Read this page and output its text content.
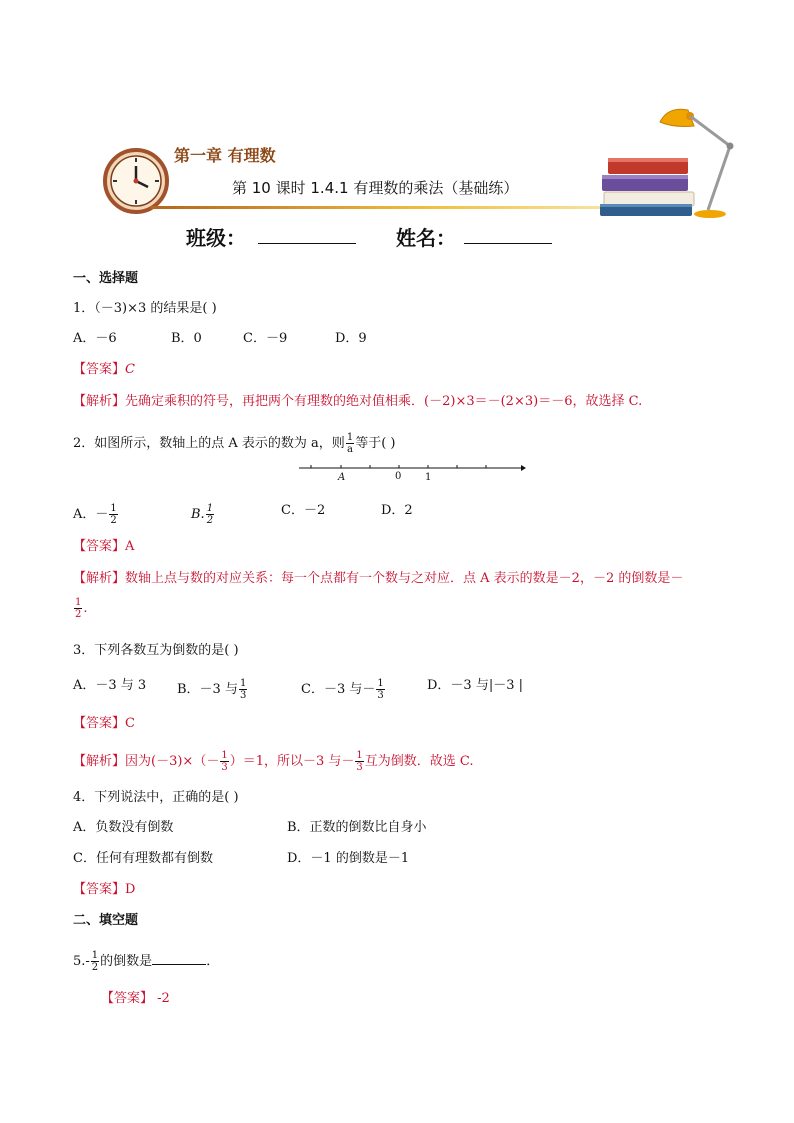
第一章 有理数
第 10 课时 1.4.1 有理数的乘法（基础练）
班级：	姓名：
一、选择题
1．（－3)×3 的结果是( )
A．－6	B．0	C．－9	D．9
【答案】C
【解析】先确定乘积的符号，再把两个有理数的绝对值相乘．(－2)×3＝－(2×3)＝－6，故选择 C.
2．如图所示，数轴上的点 A 表示的数为 a，则 $\frac{1}{a}$ 等于( )
A	0 1
A．－ $\frac{1}{2}$	B. $\frac{1}{2}$	C．－2	D．2
【答案】A
【解析】数轴上点与数的对应关系：每一个点都有一个数与之对应．点 A 表示的数是－2，－2 的倒数是－
$\frac{1}{2}$ .
3．下列各数互为倒数的是( )
A．－3 与 3 B．－3 与 $\frac{1}{3}$	C．－3 与－ $\frac{1}{3}$	D．－3 与|－3 |
【答案】C
【解析】因为$(-3)\times(- \frac{1}{3} )=1$，所以－3 与－ $\frac{1}{3}$ 互为倒数．故选 C.
4．下列说法中，正确的是( )
A．负数没有倒数	B．正数的倒数比自身小
C．任何有理数都有倒数	D．－1 的倒数是－1
【答案】D
二、填空题
$5.- \frac{1}{2}$ 的倒数是	．
【答案】 -2
